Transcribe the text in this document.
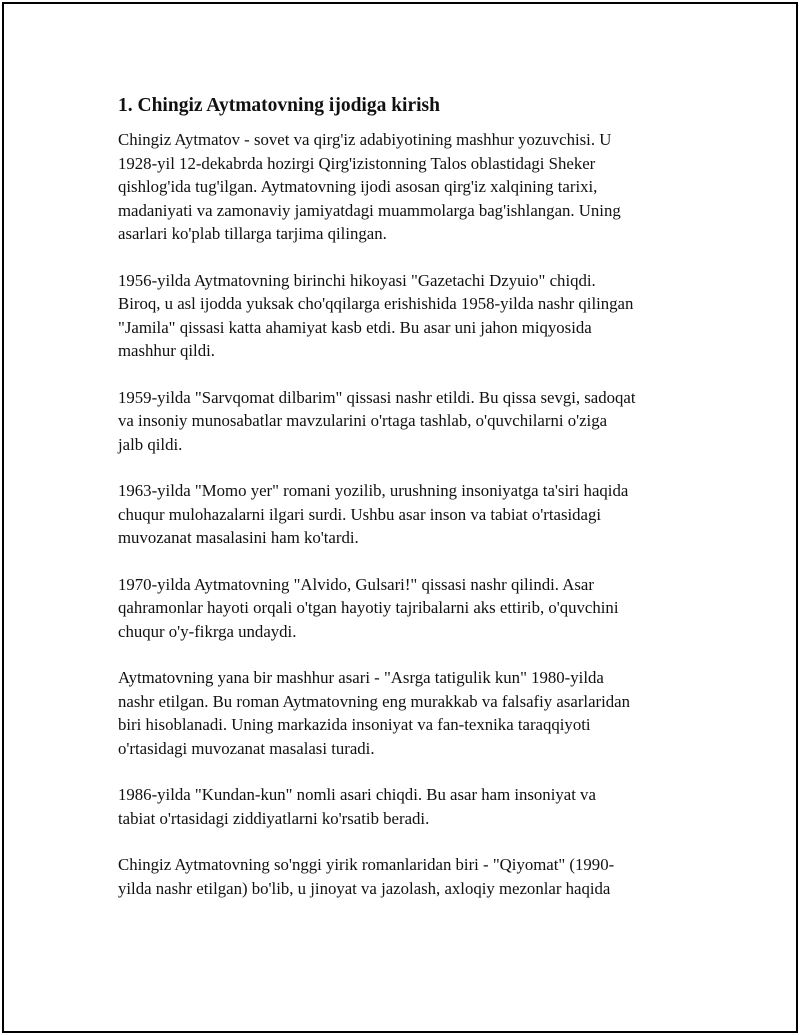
1. Chingiz Aytmatovning ijodiga kirish

Chingiz Aytmatov - sovet va qirg'iz adabiyotining mashhur yozuvchisi. U
1928-yil 12-dekabrda hozirgi Qirg'izistonning Talos oblastidagi Sheker
qishlog'ida tug'ilgan. Aytmatovning ijodi asosan qirg'iz xalqining tarixi,
madaniyati va zamonaviy jamiyatdagi muammolarga bag'ishlangan. Uning
asarlari ko'plab tillarga tarjima qilingan.

1956-yilda Aytmatovning birinchi hikoyasi "Gazetachi Dzyuio" chiqdi.
Biroq, u asl ijodda yuksak cho'qqilarga erishishida 1958-yilda nashr qilingan
"Jamila" qissasi katta ahamiyat kasb etdi. Bu asar uni jahon miqyosida
mashhur qildi.

1959-yilda "Sarvqomat dilbarim" qissasi nashr etildi. Bu qissa sevgi, sadoqat
va insoniy munosabatlar mavzularini o'rtaga tashlab, o'quvchilarni o'ziga
jalb qildi.

1963-yilda "Momo yer" romani yozilib, urushning insoniyatga ta'siri haqida
chuqur mulohazalarni ilgari surdi. Ushbu asar inson va tabiat o'rtasidagi
muvozanat masalasini ham ko'tardi.

1970-yilda Aytmatovning "Alvido, Gulsari!" qissasi nashr qilindi. Asar
qahramonlar hayoti orqali o'tgan hayotiy tajribalarni aks ettirib, o'quvchini
chuqur o'y-fikrga undaydi.

Aytmatovning yana bir mashhur asari - "Asrga tatigulik kun" 1980-yilda
nashr etilgan. Bu roman Aytmatovning eng murakkab va falsafiy asarlaridan
biri hisoblanadi. Uning markazida insoniyat va fan-texnika taraqqiyoti
o'rtasidagi muvozanat masalasi turadi.

1986-yilda "Kundan-kun" nomli asari chiqdi. Bu asar ham insoniyat va
tabiat o'rtasidagi ziddiyatlarni ko'rsatib beradi.

Chingiz Aytmatovning so'nggi yirik romanlaridan biri - "Qiyomat" (1990-
yilda nashr etilgan) bo'lib, u jinoyat va jazolash, axloqiy mezonlar haqida
